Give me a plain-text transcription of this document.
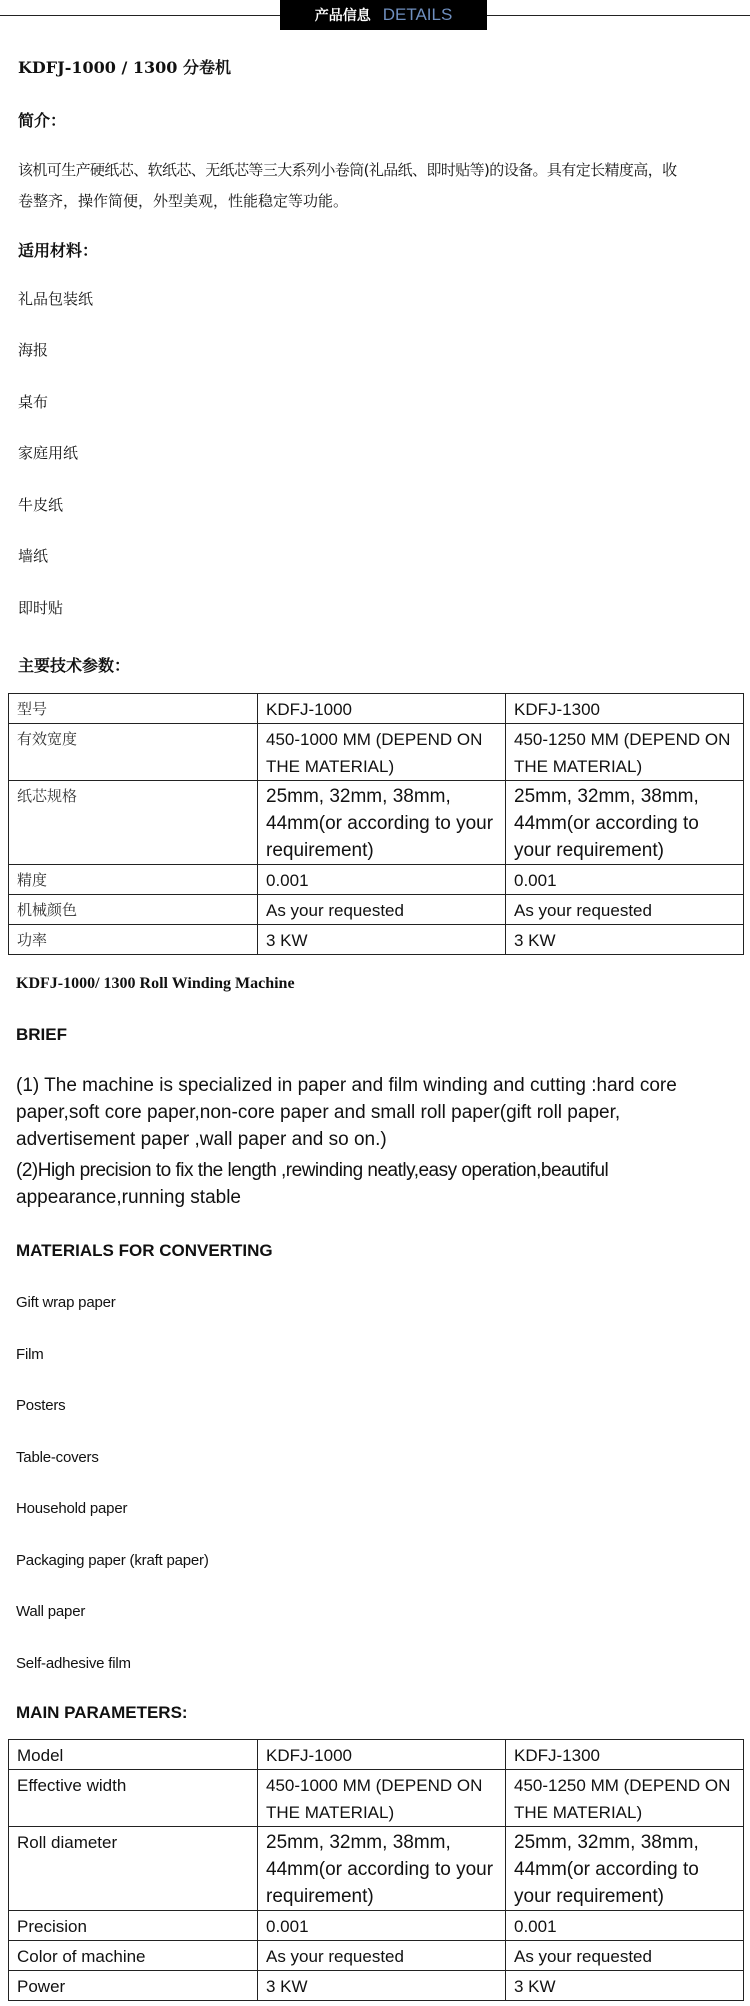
产品信息 DETAILS
KDFJ-1000 / 1300 分卷机
简介：
该机可生产硬纸芯、软纸芯、无纸芯等三大系列小卷筒(礼品纸、即时贴等)的设备。具有定长精度高，收
卷整齐，操作简便，外型美观，性能稳定等功能。
适用材料：
礼品包装纸
海报
桌布
家庭用纸
牛皮纸
墙纸
即时贴
主要技术参数：
型号	KDFJ-1000	KDFJ-1300
有效宽度	450-1000 MM (DEPEND ON THE MATERIAL)	450-1250 MM (DEPEND ON THE MATERIAL)
纸芯规格	25mm, 32mm, 38mm, 44mm(or according to your requirement)	25mm, 32mm, 38mm, 44mm(or according to your requirement)
精度	0.001	0.001
机械颜色	As your requested	As your requested
功率	3 KW	3 KW
KDFJ-1000/ 1300 Roll Winding Machine
BRIEF
(1) The machine is specialized in paper and film winding and cutting :hard core
paper,soft core paper,non-core paper and small roll paper(gift roll paper,
advertisement paper ,wall paper and so on.)
(2)High precision to fix the length ,rewinding neatly,easy operation,beautiful
appearance,running stable
MATERIALS FOR CONVERTING
Gift wrap paper
Film
Posters
Table-covers
Household paper
Packaging paper (kraft paper)
Wall paper
Self-adhesive film
MAIN PARAMETERS:
Model	KDFJ-1000	KDFJ-1300
Effective width	450-1000 MM (DEPEND ON THE MATERIAL)	450-1250 MM (DEPEND ON THE MATERIAL)
Roll diameter	25mm, 32mm, 38mm, 44mm(or according to your requirement)	25mm, 32mm, 38mm, 44mm(or according to your requirement)
Precision	0.001	0.001
Color of machine	As your requested	As your requested
Power	3 KW	3 KW
